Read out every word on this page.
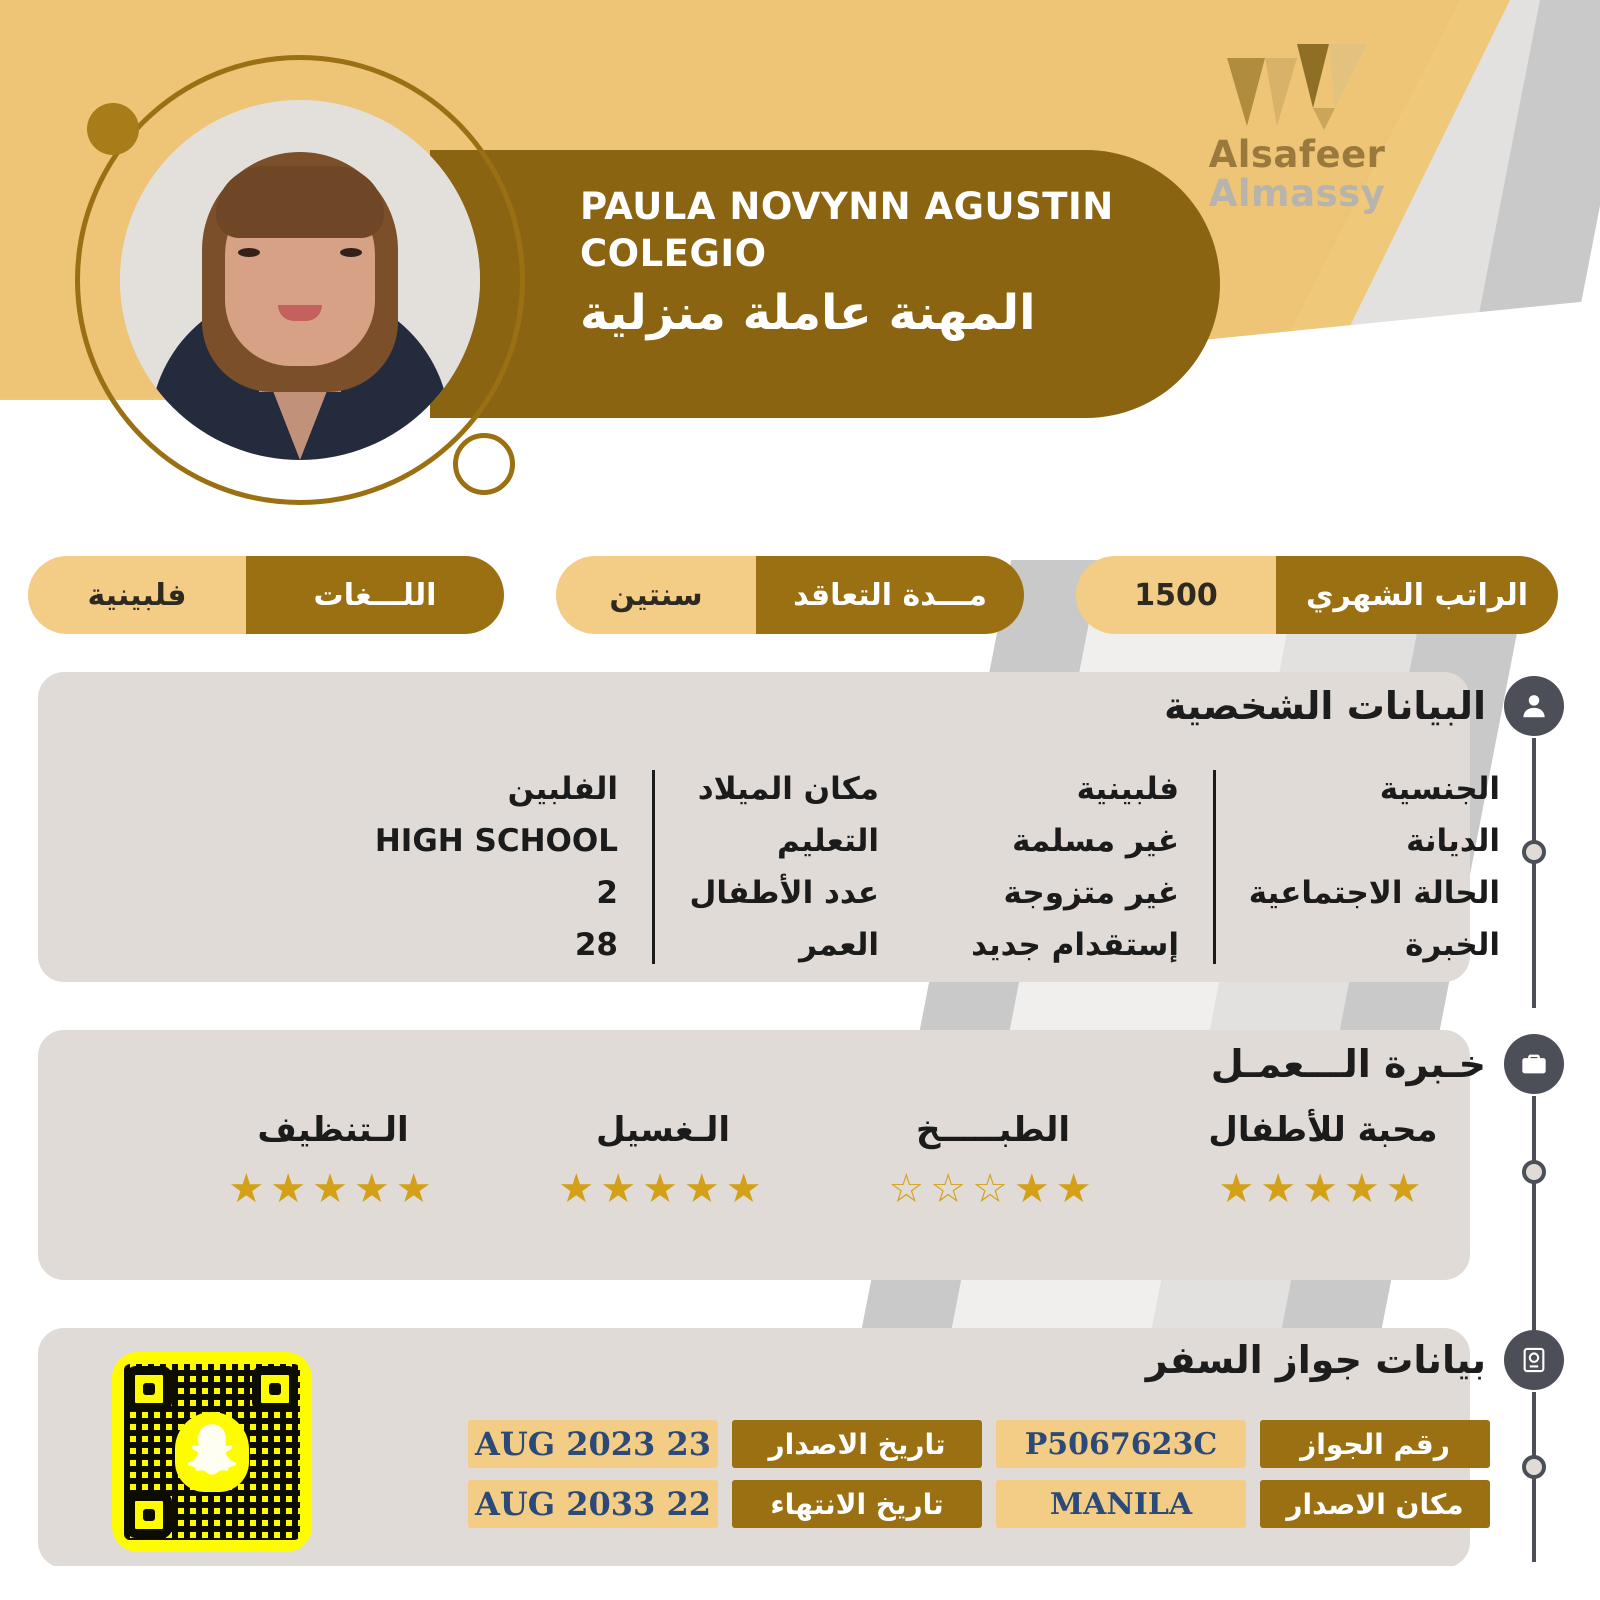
PAULA NOVYNN AGUSTIN COLEGIO
المهنة عاملة منزلية
Alsafeer
Almassy
الراتب الشهري
1500
مـــدة التعاقد
سنتين
اللـــغات
فلبينية
البيانات الشخصية
الجنسية
الديانة
الحالة الاجتماعية
الخبرة
فلبينية
غير مسلمة
غير متزوجة
إستقدام جديد
مكان الميلاد
التعليم
عدد الأطفال
العمر
الفلبين
HIGH SCHOOL
2
28
خـبرة الـــعمـل
محبة للأطفال
★★★★★
الطبـــــخ
★★☆☆☆
الـغسيل
★★★★★
الـتنظيف
★★★★★
بيانات جواز السفر
رقم الجواز
P5067623C
تاريخ الاصدار
23 AUG 2023
مكان الاصدار
MANILA
تاريخ الانتهاء
22 AUG 2033
